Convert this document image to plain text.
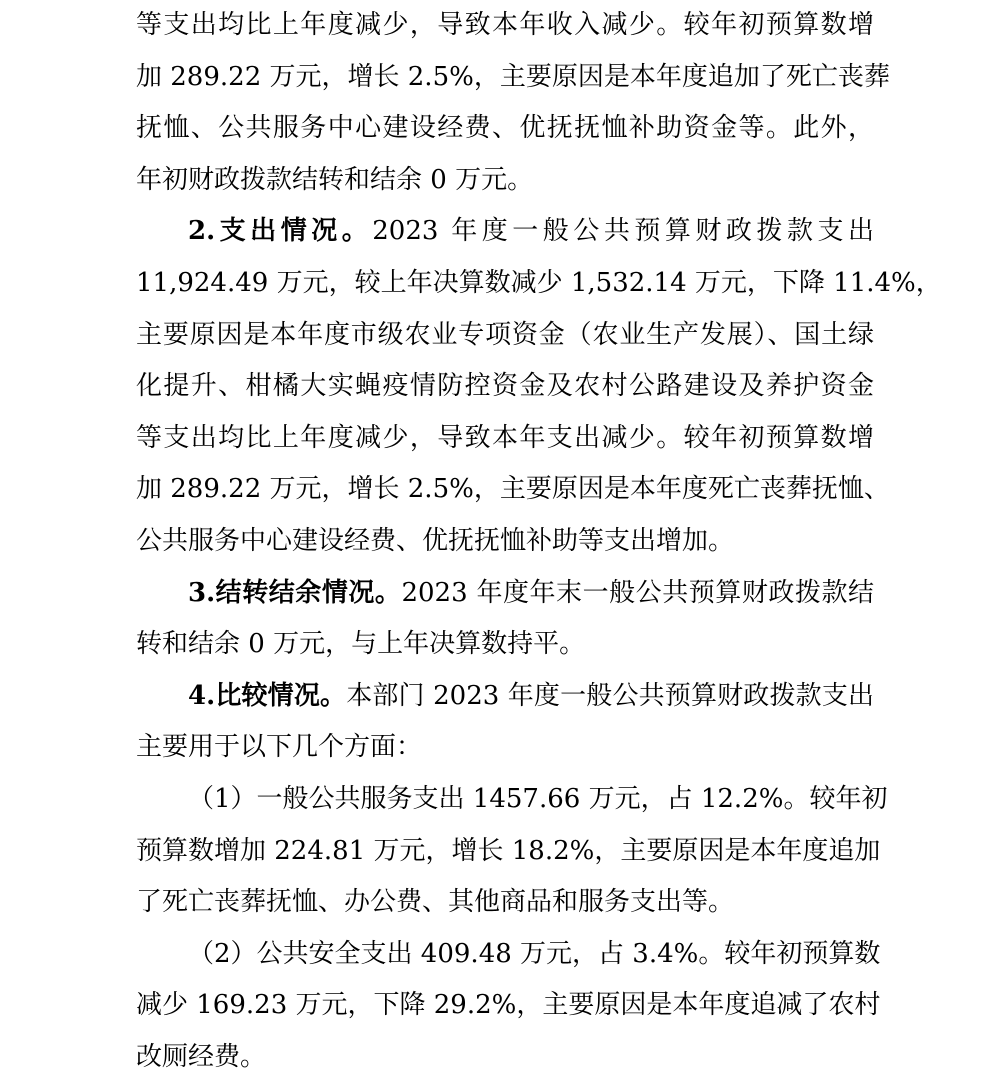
等支出均比上年度减少，导致本年收入减少。较年初预算数增
加 289.22 万元，增长 2.5%，主要原因是本年度追加了死亡丧葬
抚恤、公共服务中心建设经费、优抚抚恤补助资金等。此外，
年初财政拨款结转和结余 0 万元。
2.支出情况。2023 年度一般公共预算财政拨款支出
11,924.49 万元，较上年决算数减少 1,532.14 万元，下降 11.4%，
主要原因是本年度市级农业专项资金（农业生产发展）、国土绿
化提升、柑橘大实蝇疫情防控资金及农村公路建设及养护资金
等支出均比上年度减少，导致本年支出减少。较年初预算数增
加 289.22 万元，增长 2.5%，主要原因是本年度死亡丧葬抚恤、
公共服务中心建设经费、优抚抚恤补助等支出增加。
3.结转结余情况。2023 年度年末一般公共预算财政拨款结
转和结余 0 万元，与上年决算数持平。
4.比较情况。本部门 2023 年度一般公共预算财政拨款支出
主要用于以下几个方面：
（1）一般公共服务支出 1457.66 万元，占 12.2%。较年初
预算数增加 224.81 万元，增长 18.2%，主要原因是本年度追加
了死亡丧葬抚恤、办公费、其他商品和服务支出等。
（2）公共安全支出 409.48 万元，占 3.4%。较年初预算数
减少 169.23 万元，下降 29.2%，主要原因是本年度追减了农村
改厕经费。
